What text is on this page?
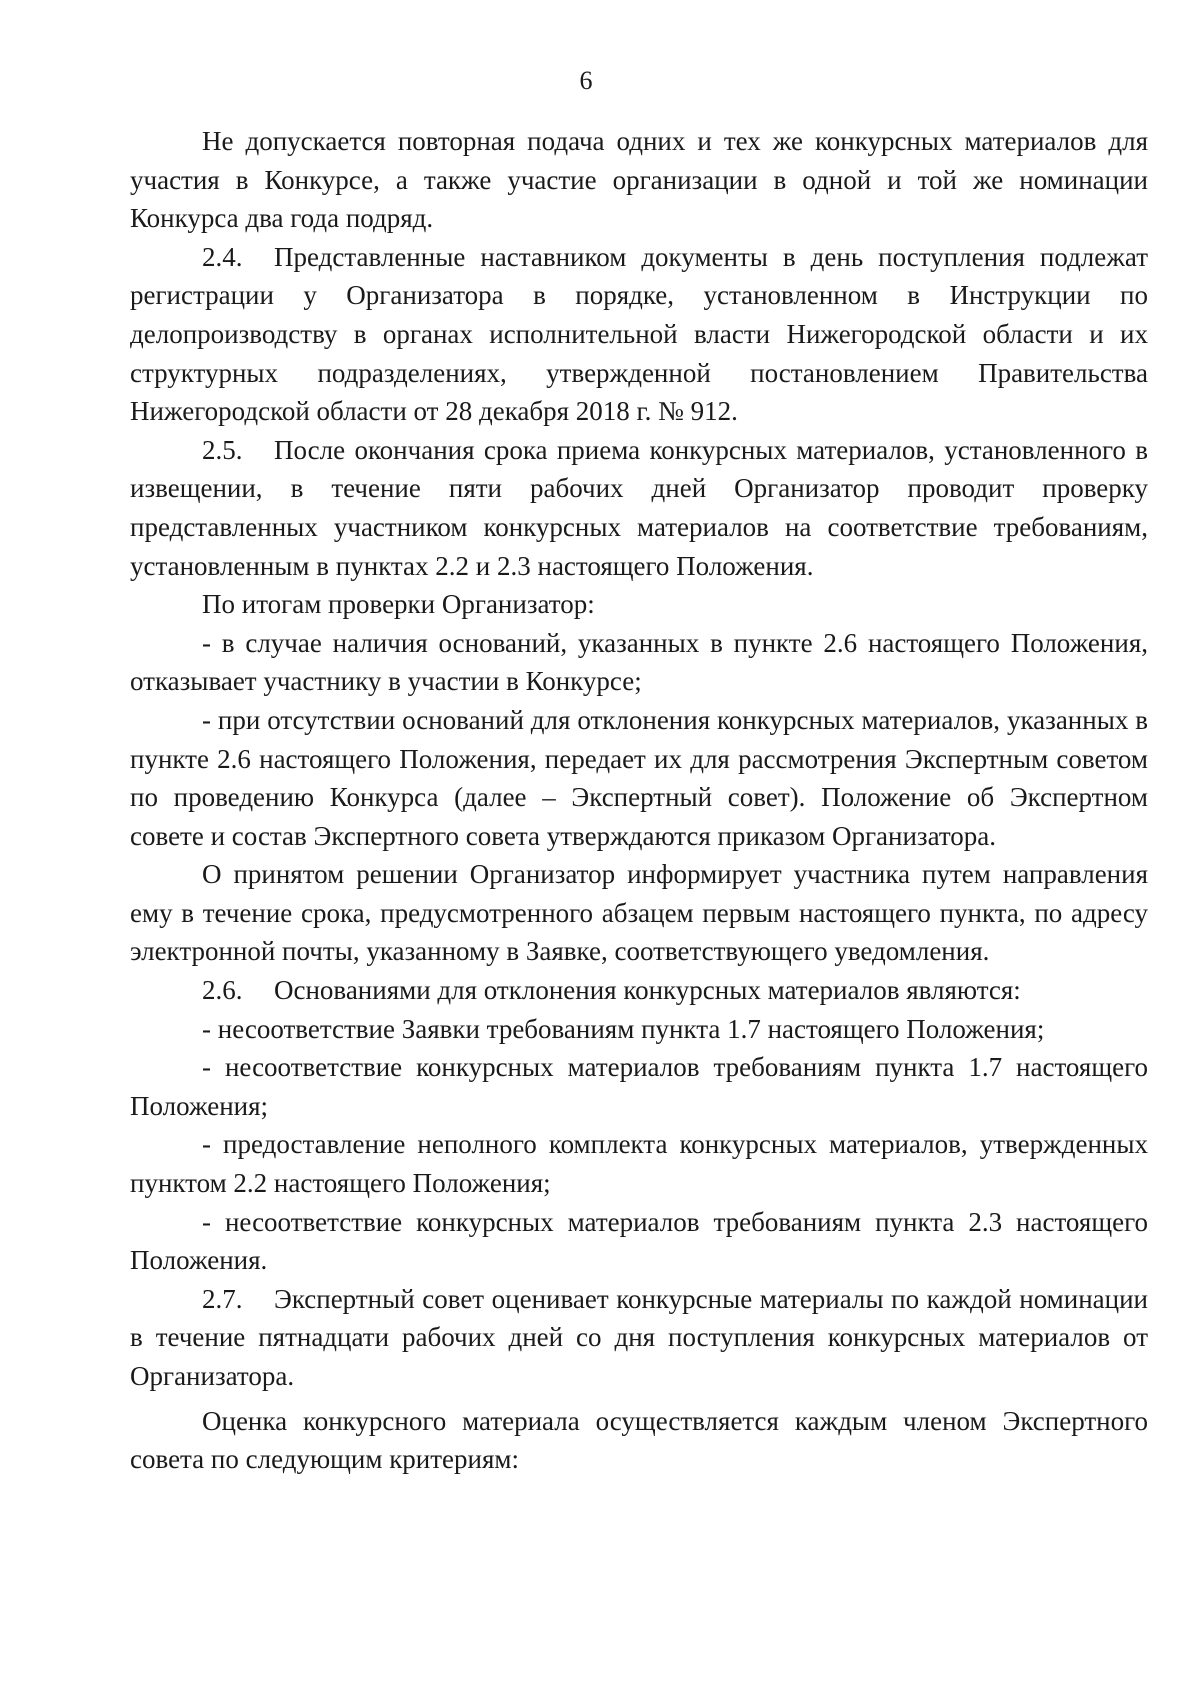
6

Не допускается повторная подача одних и тех же конкурсных материалов для участия в Конкурсе, а также участие организации в одной и той же номинации Конкурса два года подряд.

2.4. Представленные наставником документы в день поступления подлежат регистрации у Организатора в порядке, установленном в Инструкции по делопроизводству в органах исполнительной власти Нижегородской области и их структурных подразделениях, утвержденной постановлением Правительства Нижегородской области от 28 декабря 2018 г. № 912.

2.5. После окончания срока приема конкурсных материалов, установленного в извещении, в течение пяти рабочих дней Организатор проводит проверку представленных участником конкурсных материалов на соответствие требованиям, установленным в пунктах 2.2 и 2.3 настоящего Положения.

По итогам проверки Организатор:

- в случае наличия оснований, указанных в пункте 2.6 настоящего Положения, отказывает участнику в участии в Конкурсе;

- при отсутствии оснований для отклонения конкурсных материалов, указанных в пункте 2.6 настоящего Положения, передает их для рассмотрения Экспертным советом по проведению Конкурса (далее – Экспертный совет). Положение об Экспертном совете и состав Экспертного совета утверждаются приказом Организатора.

О принятом решении Организатор информирует участника путем направления ему в течение срока, предусмотренного абзацем первым настоящего пункта, по адресу электронной почты, указанному в Заявке, соответствующего уведомления.

2.6. Основаниями для отклонения конкурсных материалов являются:

- несоответствие Заявки требованиям пункта 1.7 настоящего Положения;

- несоответствие конкурсных материалов требованиям пункта 1.7 настоящего Положения;

- предоставление неполного комплекта конкурсных материалов, утвержденных пунктом 2.2 настоящего Положения;

- несоответствие конкурсных материалов требованиям пункта 2.3 настоящего Положения.

2.7. Экспертный совет оценивает конкурсные материалы по каждой номинации в течение пятнадцати рабочих дней со дня поступления конкурсных материалов от Организатора.

Оценка конкурсного материала осуществляется каждым членом Экспертного совета по следующим критериям:
